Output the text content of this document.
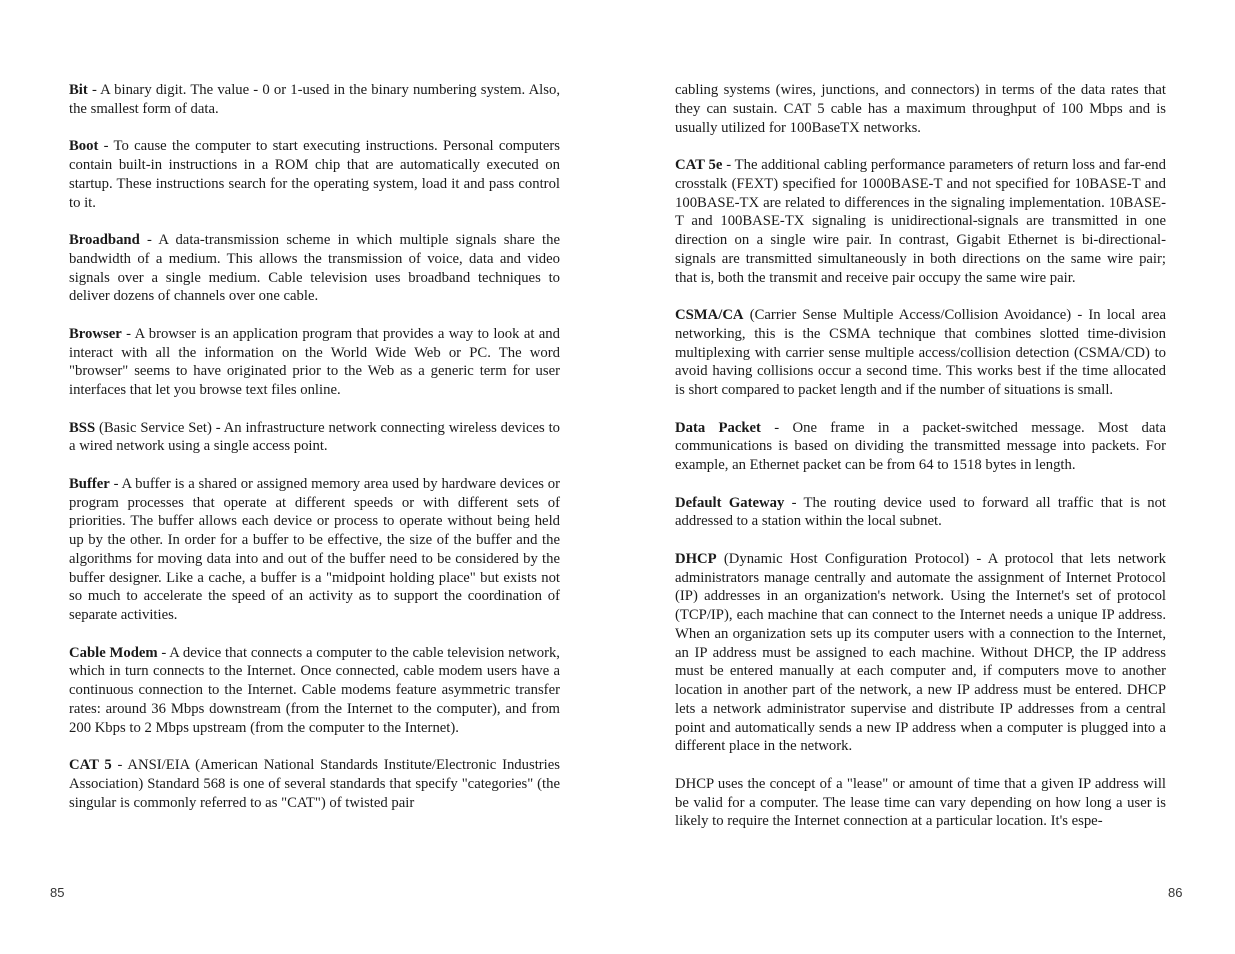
Bit - A binary digit. The value - 0 or 1-used in the binary numbering system. Also, the smallest form of data.

Boot - To cause the computer to start executing instructions. Personal computers contain built-in instructions in a ROM chip that are automatically executed on startup. These instructions search for the operating system, load it and pass control to it.

Broadband - A data-transmission scheme in which multiple signals share the bandwidth of a medium. This allows the transmission of voice, data and video signals over a single medium. Cable television uses broadband techniques to deliver dozens of channels over one cable.

Browser - A browser is an application program that provides a way to look at and interact with all the information on the World Wide Web or PC. The word "browser" seems to have originated prior to the Web as a generic term for user interfaces that let you browse text files online.

BSS (Basic Service Set) - An infrastructure network connecting wireless devices to a wired network using a single access point.

Buffer - A buffer is a shared or assigned memory area used by hardware devices or program processes that operate at different speeds or with different sets of priorities. The buffer allows each device or process to operate without being held up by the other. In order for a buffer to be effective, the size of the buffer and the algorithms for moving data into and out of the buffer need to be considered by the buffer designer. Like a cache, a buffer is a "midpoint holding place" but exists not so much to accelerate the speed of an activity as to support the coordination of separate activities.

Cable Modem - A device that connects a computer to the cable television network, which in turn connects to the Internet. Once connected, cable modem users have a continuous connection to the Internet. Cable modems feature asymmetric transfer rates: around 36 Mbps downstream (from the Internet to the computer), and from 200 Kbps to 2 Mbps upstream (from the computer to the Internet).

CAT 5 - ANSI/EIA (American National Standards Institute/Electronic Industries Association) Standard 568 is one of several standards that specify "categories" (the singular is commonly referred to as "CAT") of twisted pair

cabling systems (wires, junctions, and connectors) in terms of the data rates that they can sustain. CAT 5 cable has a maximum throughput of 100 Mbps and is usually utilized for 100BaseTX networks.

CAT 5e - The additional cabling performance parameters of return loss and far-end crosstalk (FEXT) specified for 1000BASE-T and not specified for 10BASE-T and 100BASE-TX are related to differences in the signaling implementation. 10BASE-T and 100BASE-TX signaling is unidirectional-signals are transmitted in one direction on a single wire pair. In contrast, Gigabit Ethernet is bi-directional-signals are transmitted simultaneously in both directions on the same wire pair; that is, both the transmit and receive pair occupy the same wire pair.

CSMA/CA (Carrier Sense Multiple Access/Collision Avoidance) - In local area networking, this is the CSMA technique that combines slotted time-division multiplexing with carrier sense multiple access/collision detection (CSMA/CD) to avoid having collisions occur a second time. This works best if the time allocated is short compared to packet length and if the number of situations is small.

Data Packet - One frame in a packet-switched message. Most data communications is based on dividing the transmitted message into packets. For example, an Ethernet packet can be from 64 to 1518 bytes in length.

Default Gateway - The routing device used to forward all traffic that is not addressed to a station within the local subnet.

DHCP (Dynamic Host Configuration Protocol) - A protocol that lets network administrators manage centrally and automate the assignment of Internet Protocol (IP) addresses in an organization's network. Using the Internet's set of protocol (TCP/IP), each machine that can connect to the Internet needs a unique IP address. When an organization sets up its computer users with a connection to the Internet, an IP address must be assigned to each machine. Without DHCP, the IP address must be entered manually at each computer and, if computers move to another location in another part of the network, a new IP address must be entered. DHCP lets a network administrator supervise and distribute IP addresses from a central point and automatically sends a new IP address when a computer is plugged into a different place in the network.

DHCP uses the concept of a "lease" or amount of time that a given IP address will be valid for a computer. The lease time can vary depending on how long a user is likely to require the Internet connection at a particular location. It's espe-

85	86
